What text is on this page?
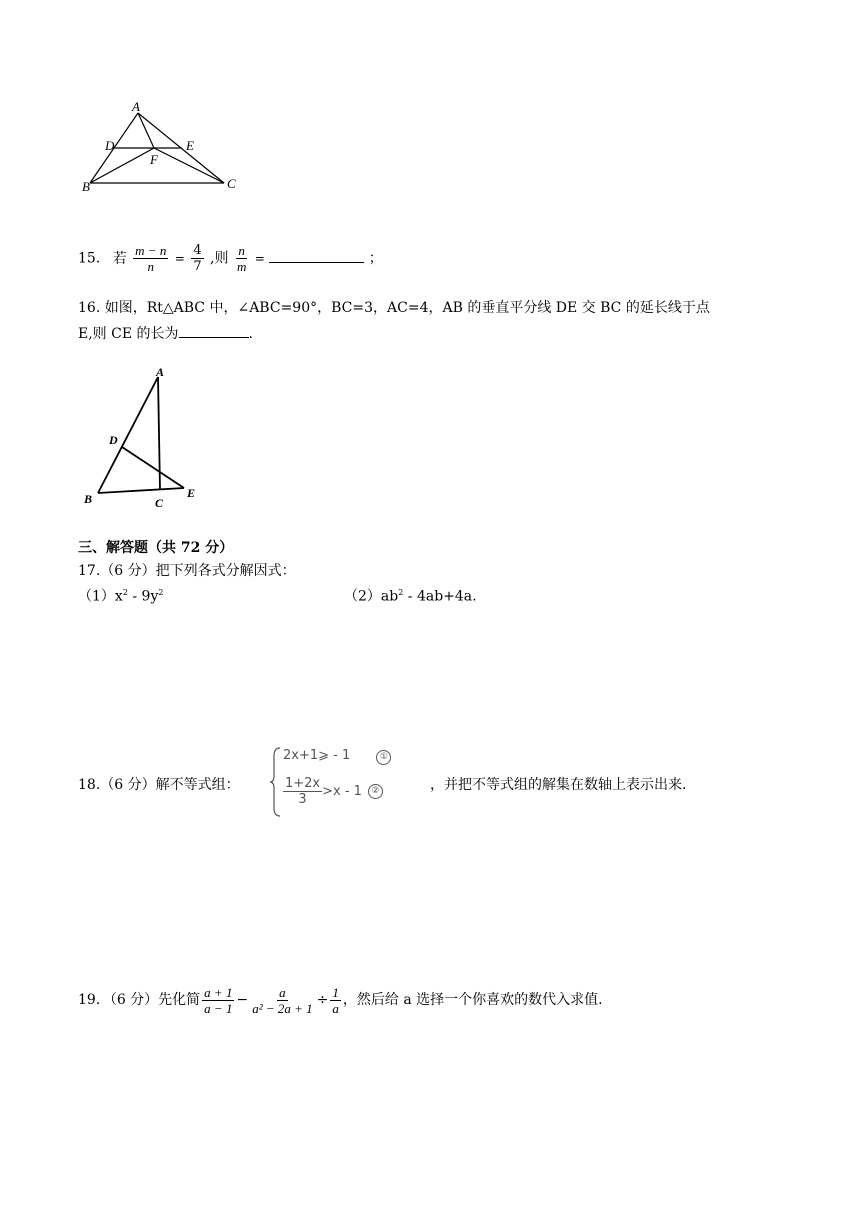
A
D	E
F
B	C
15. 若 $\frac{m - n}{n} = \frac{4}{7}$ ,则 $\frac{n}{m}$ =	；
16. 如图，Rt△ABC 中，∠ABC=90°，BC=3，AC=4，AB 的垂直平分线 DE 交 BC 的延长线于点
E,则 CE 的长为	.
A
D
B	C
E
三、解答题（共 72 分）
17.（6 分）把下列各式分解因式：
$(1)x^2 - 9y^2$	$(2)ab^2 - 4ab+4a$.
18.（6 分）解不等式组：
2x+1⩾ - 1	①
$\frac{1+2x}{3} >x - 1$	②	，并把不等式组的解集在数轴上表示出来.
19．（6 分）先化简 $\frac{a + 1}{a - 1} - \frac{a}{\text{a² − 2a + 1}} \div \frac{1}{a}$ ，然后给 a 选择一个你喜欢的数代入求值.
